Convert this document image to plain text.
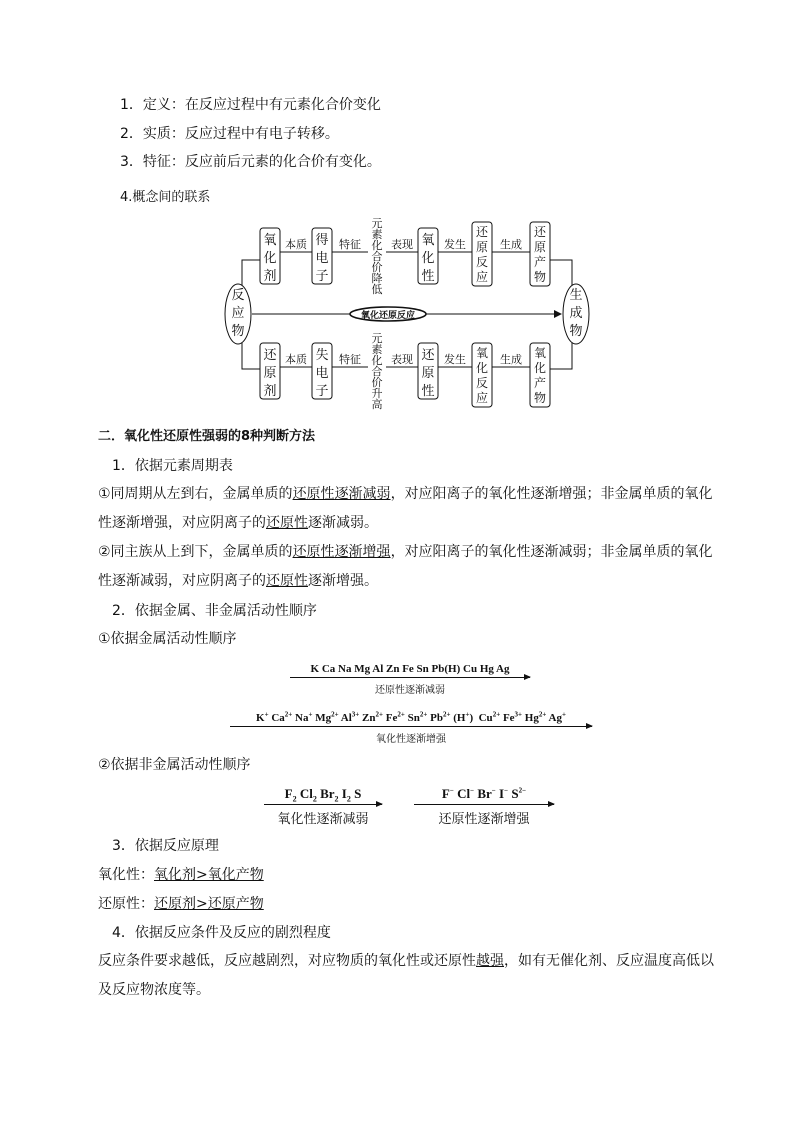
1．定义：在反应过程中有元素化合价变化
2．实质：反应过程中有电子转移。
3．特征：反应前后元素的化合价有变化。
4.概念间的联系
反
应
物
生
成
物
氧化还原反应
本质	特征	表现	发生	生成
氧
化
剂
得
电
子
元
素
化
合
价
降
低
氧
化
性
还
原
反
应
还
原
产
物
本质	特征	表现	发生	生成
还
原
剂
失
电
子
元
素
化
合
价
升
高
还
原
性
氧
化
反
应
氧
化
产
物
二．氧化性还原性强弱的8种判断方法
1．依据元素周期表
①同周期从左到右，金属单质的还原性逐渐减弱，对应阳离子的氧化性逐渐增强；非金属单质的氧化性逐渐增强，对应阴离子的还原性逐渐减弱。
②同主族从上到下，金属单质的还原性逐渐增强，对应阳离子的氧化性逐渐减弱；非金属单质的氧化性逐渐减弱，对应阴离子的还原性逐渐增强。
2．依据金属、非金属活动性顺序
①依据金属活动性顺序
K Ca Na Mg Al Zn Fe Sn Pb(H) Cu Hg Ag
还原性逐渐减弱
K+ $Ca^{2+}$ Na+ $Mg^{2+}$ $Al^{3+}$ $Zn^{2+}$ $Fe^{2+}$ $Sn^{2+}$ $Pb^{2+}$ (H+)  $Cu^{2+}$ $Fe^{3+}$ $Hg^{2+}$ Ag+
氧化性逐渐增强
②依据非金属活动性顺序
$F_2$ $Cl_2$ $Br_2$ $I_2$ S
氧化性逐渐减弱
F− Cl− Br− I− $S^{2-}$
还原性逐渐增强
3．依据反应原理
氧化性：氧化剂>氧化产物
还原性：还原剂>还原产物
4．依据反应条件及反应的剧烈程度
反应条件要求越低，反应越剧烈，对应物质的氧化性或还原性越强，如有无催化剂、反应温度高低以及反应物浓度等。
